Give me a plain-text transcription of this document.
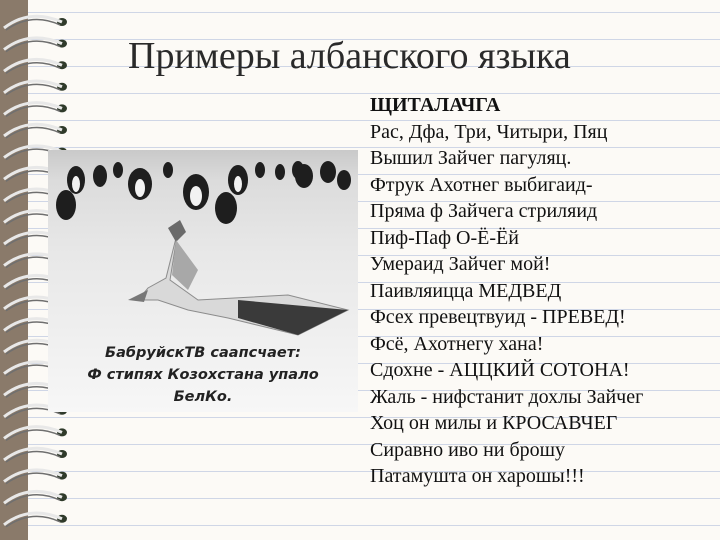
Примеры албанского языка
БабруйскТВ саапсчает:
Ф стипях Козохстана упало
БелКо.
ЩИТАЛАЧГА
Рас, Дфа, Три, Читыри, Пяц
Вышил Зайчег пагуляц.
Фтрук Ахотнег выбигаид-
Пряма ф Зайчега стриляид
Пиф-Паф О-Ё-Ёй
Умераид Зайчег мой!
Паивляицца МЕДВЕД
Фсех превецтвуид - ПРЕВЕД!
Фсё, Ахотнегу хана!
Сдохне - АЦЦКИЙ СОТОНА!
Жаль - нифстанит дохлы Зайчег
Хоц он милы и КРОСАВЧЕГ
Сиравно иво ни брошу
Патамушта он харошы!!!
